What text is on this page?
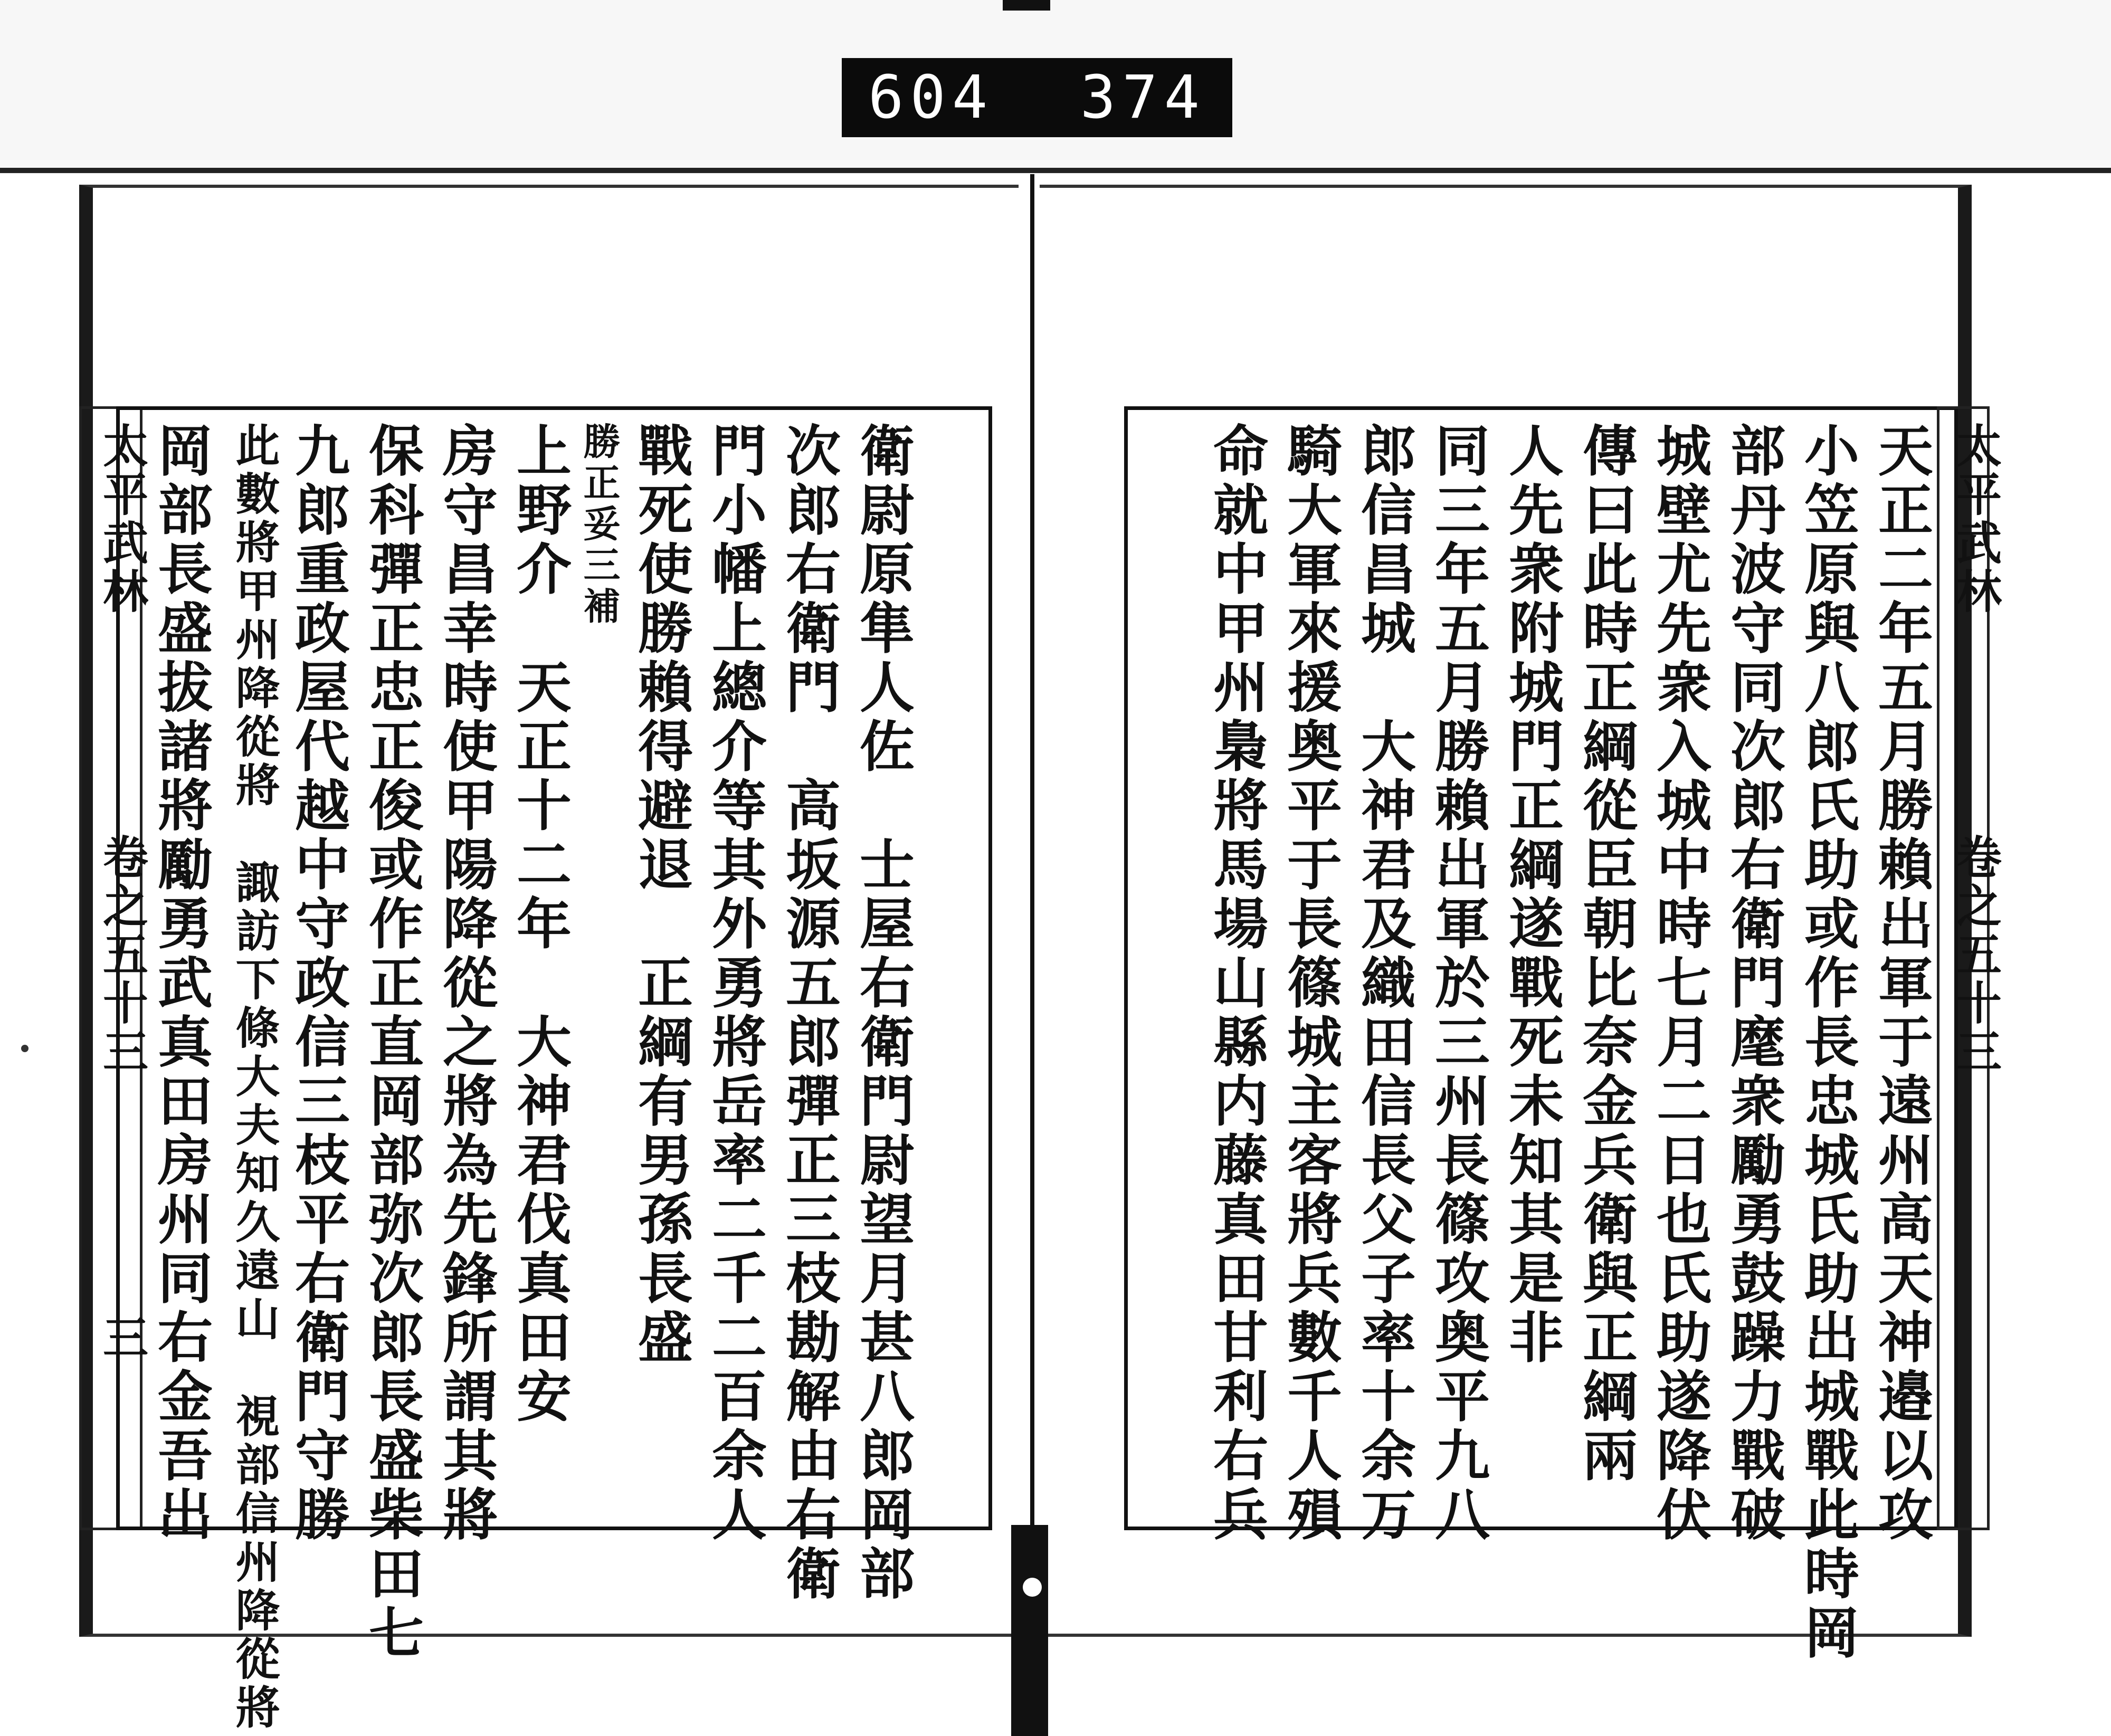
604 374
太平武林
卷之五十三
三	衛尉原隼人佐　士屋右衛門尉望月甚八郎岡部
次郎右衛門　高坂源五郎彈正三枝勘解由右衛
門小幡上總介等其外勇將岳率二千二百余人
戰死使勝賴得避退　正綱有男孫長盛
勝正妥三補
上野介　天正十二年　大神君伐真田安
房守昌幸時使甲陽降從之將為先鋒所謂其將
保科彈正忠正俊或作正直岡部弥次郎長盛柴田七
九郎重政屋代越中守政信三枝平右衛門守勝
此數將甲州降從將　諏訪下條大夫知久遠山　視部信州降從將
岡部長盛拔諸將勵勇武真田房州同右金吾出	天正二年五月勝賴出軍于遠州高天神邉以攻
小笠原與八郎氏助或作長忠城氏助出城戰此時岡
部丹波守同次郎右衛門麾衆勵勇鼓躁力戰破
城壁尤先衆入城中時七月二日也氏助遂降伏
傳曰此時正綱從臣朝比奈金兵衛與正綱兩
人先衆附城門正綱遂戰死未知其是非
同三年五月勝賴出軍於三州長篠攻奥平九八
郎信昌城　大神君及織田信長父子率十余万
騎大軍來援奥平于長篠城主客將兵數千人殞
命就中甲州梟將馬場山縣内藤真田甘利右兵	太平武林
卷之五十三
